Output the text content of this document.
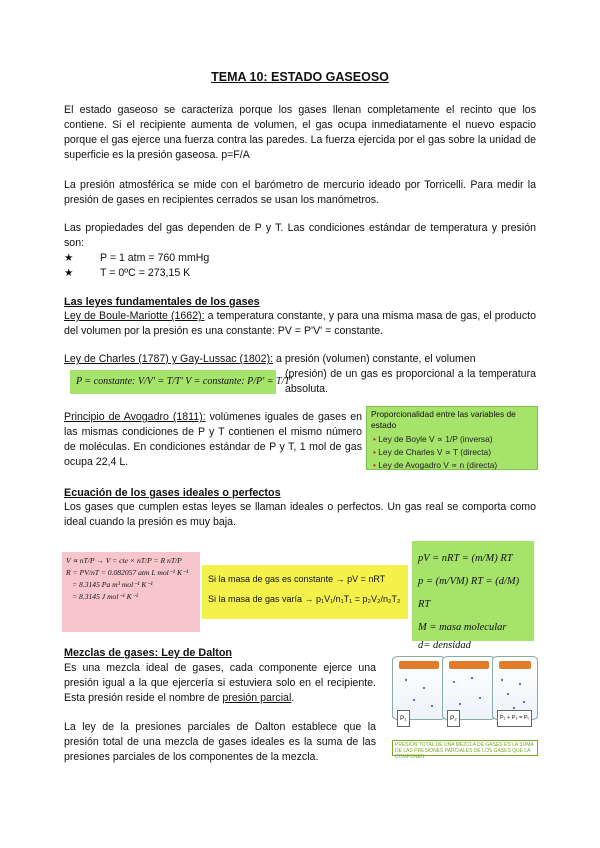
TEMA 10: ESTADO GASEOSO
El estado gaseoso se caracteriza porque los gases llenan completamente el recinto que los contiene. Si el recipiente aumenta de volumen, el gas ocupa inmediatamente el nuevo espacio porque el gas ejerce una fuerza contra las paredes. La fuerza ejercida por el gas sobre la unidad de superficie es la presión gaseosa. p=F/A
La presión atmosférica se mide con el barómetro de mercurio ideado por Torricelli. Para medir la presión de gases en recipientes cerrados se usan los manómetros.
Las propiedades del gas dependen de P y T. Las condiciones estándar de temperatura y presión son:
★	P = 1 atm = 760 mmHg
★	T = 0ºC = 273,15 K
Las leyes fundamentales de los gases
Ley de Boule-Mariotte (1662): a temperatura constante, y para una misma masa de gas, el producto del volumen por la presión es una constante: PV = P'V' = constante.
Ley de Charles (1787) y Gay-Lussac (1802): a presión (volumen) constante, el volumen
P = constante: V/V' = T/T' V = constante: P/P' = T/T'
(presión) de un gas es proporcional a la temperatura absoluta.
Principio de Avogadro (1811): volúmenes iguales de gases en las mismas condiciones de P y T contienen el mismo número de moléculas. En condiciones estándar de P y T, 1 mol de gas ocupa 22,4 L.
Proporcionalidad entre las variables de estado
• Ley de Boyle V ∝ 1/P (inversa)
• Ley de Charles V ∝ T (directa)
• Ley de Avogadro V ∝ n (directa)
Ecuación de los gases ideales o perfectos
Los gases que cumplen estas leyes se llaman ideales o perfectos. Un gas real se comporta como ideal cuando la presión es muy baja.
V ∝ nT/P → V = cte × nT/P = R nT/P
R = PV/nT = 0.082057 atm L mol⁻¹ K⁻¹
= 8.3145 Pa m³ mol⁻¹ K⁻¹
= 8.3145 J mol⁻¹ K⁻¹
Si la masa de gas es constante → pV = nRT
Si la masa de gas varía → p₁V₁/n₁T₁ = p₂V₂/n₂T₂
pV = nRT = (m/M) RT
p = (m/VM) RT = (d/M) RT
M = masa molecular
d= densidad
Mezclas de gases: Ley de Dalton
Es una mezcla ideal de gases, cada componente ejerce una presión igual a la que ejercería si estuviera solo en el recipiente. Esta presión reside el nombre de presión parcial.
La ley de la presiones parciales de Dalton establece que la presión total de una mezcla de gases ideales es la suma de las presiones parciales de los componentes de la mezcla.
P₁	P₂	P₁ + P₂ = Pₜ
PRESIÓN TOTAL DE UNA MEZCLA DE GASES ES LA SUMA DE LAS PRESIONES PARCIALES DE LOS GASES QUE LA COMPONEN
